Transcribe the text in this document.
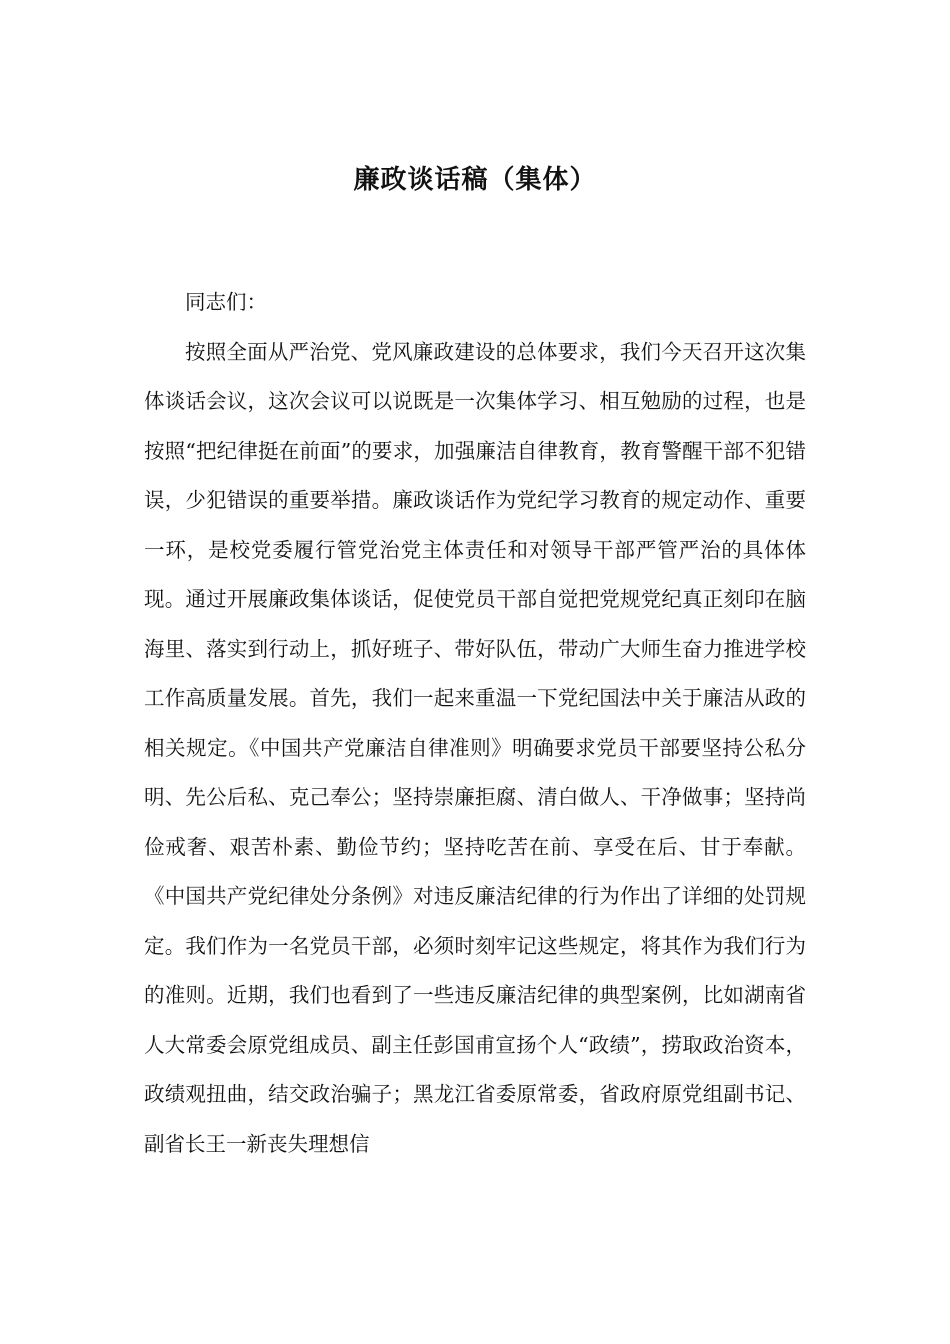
廉政谈话稿（集体）

同志们：

按照全面从严治党、党风廉政建设的总体要求，我们今天召开这次集体谈话会议，这次会议可以说既是一次集体学习、相互勉励的过程，也是按照“把纪律挺在前面”的要求，加强廉洁自律教育，教育警醒干部不犯错误，少犯错误的重要举措。廉政谈话作为党纪学习教育的规定动作、重要一环，是校党委履行管党治党主体责任和对领导干部严管严治的具体体现。通过开展廉政集体谈话，促使党员干部自觉把党规党纪真正刻印在脑海里、落实到行动上，抓好班子、带好队伍，带动广大师生奋力推进学校工作高质量发展。首先，我们一起来重温一下党纪国法中关于廉洁从政的相关规定。《中国共产党廉洁自律准则》明确要求党员干部要坚持公私分明、先公后私、克己奉公；坚持崇廉拒腐、清白做人、干净做事；坚持尚俭戒奢、艰苦朴素、勤俭节约；坚持吃苦在前、享受在后、甘于奉献。《中国共产党纪律处分条例》对违反廉洁纪律的行为作出了详细的处罚规定。我们作为一名党员干部，必须时刻牢记这些规定，将其作为我们行为的准则。近期，我们也看到了一些违反廉洁纪律的典型案例，比如湖南省人大常委会原党组成员、副主任彭国甫宣扬个人“政绩”，捞取政治资本，政绩观扭曲，结交政治骗子；黑龙江省委原常委，省政府原党组副书记、副省长王一新丧失理想信
